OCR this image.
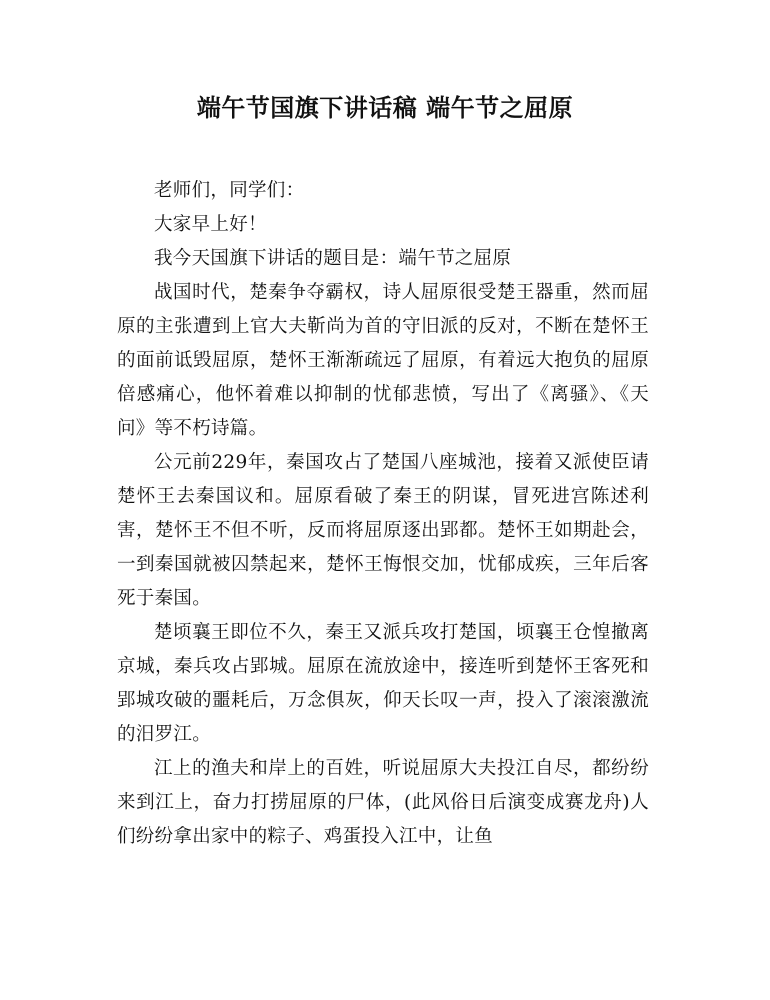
端午节国旗下讲话稿 端午节之屈原

老师们，同学们：

大家早上好！

我今天国旗下讲话的题目是：端午节之屈原

战国时代，楚秦争夺霸权，诗人屈原很受楚王器重，然而屈原的主张遭到上官大夫靳尚为首的守旧派的反对，不断在楚怀王的面前诋毁屈原，楚怀王渐渐疏远了屈原，有着远大抱负的屈原倍感痛心，他怀着难以抑制的忧郁悲愤，写出了《离骚》、《天问》等不朽诗篇。

公元前229年，秦国攻占了楚国八座城池，接着又派使臣请楚怀王去秦国议和。屈原看破了秦王的阴谋，冒死进宫陈述利害，楚怀王不但不听，反而将屈原逐出郢都。楚怀王如期赴会，一到秦国就被囚禁起来，楚怀王悔恨交加，忧郁成疾，三年后客死于秦国。

楚顷襄王即位不久，秦王又派兵攻打楚国，顷襄王仓惶撤离京城，秦兵攻占郢城。屈原在流放途中，接连听到楚怀王客死和郢城攻破的噩耗后，万念俱灰，仰天长叹一声，投入了滚滚激流的汨罗江。

江上的渔夫和岸上的百姓，听说屈原大夫投江自尽，都纷纷来到江上，奋力打捞屈原的尸体，(此风俗日后演变成赛龙舟)人们纷纷拿出家中的粽子、鸡蛋投入江中，让鱼
